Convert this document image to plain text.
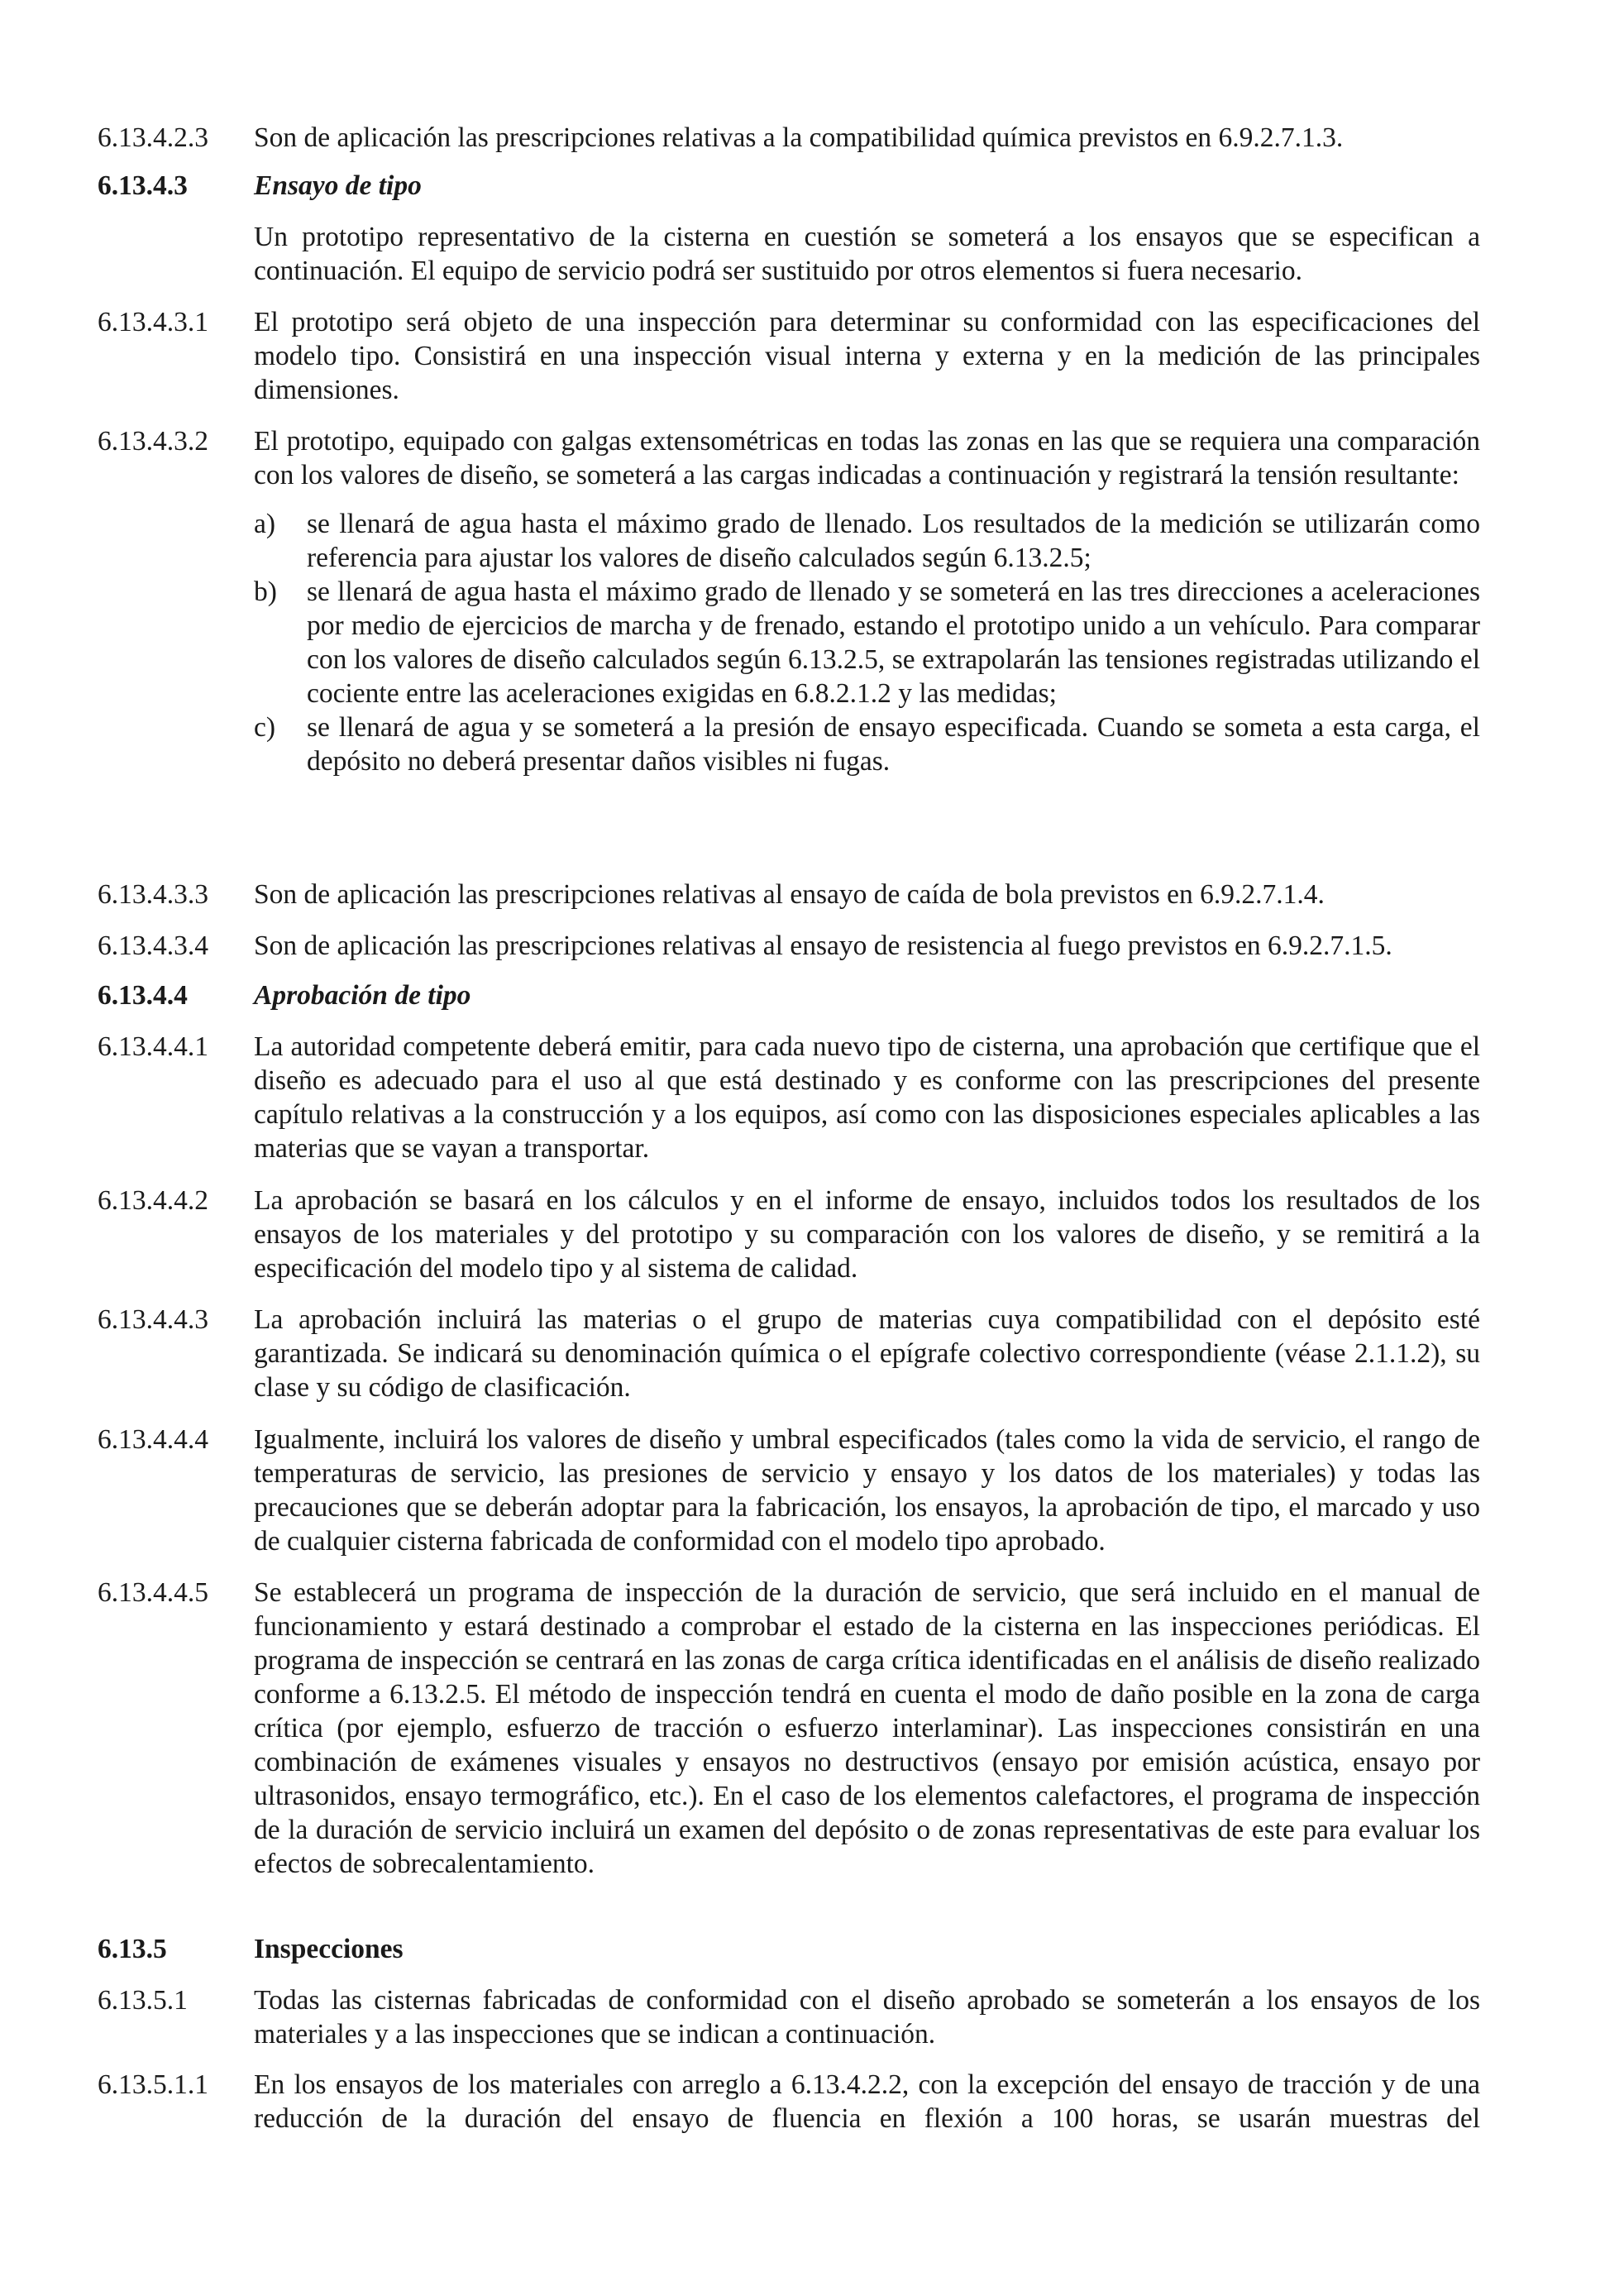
6.13.4.2.3	Son de aplicación las prescripciones relativas a la compatibilidad química previstos en 6.9.2.7.1.3.

6.13.4.3	Ensayo de tipo

Un prototipo representativo de la cisterna en cuestión se someterá a los ensayos que se especifican a continuación. El equipo de servicio podrá ser sustituido por otros elementos si fuera necesario.

6.13.4.3.1	El prototipo será objeto de una inspección para determinar su conformidad con las especificaciones del modelo tipo. Consistirá en una inspección visual interna y externa y en la medición de las principales dimensiones.

6.13.4.3.2	El prototipo, equipado con galgas extensométricas en todas las zonas en las que se requiera una comparación con los valores de diseño, se someterá a las cargas indicadas a continuación y registrará la tensión resultante:

a) se llenará de agua hasta el máximo grado de llenado. Los resultados de la medición se utilizarán como referencia para ajustar los valores de diseño calculados según 6.13.2.5;

b) se llenará de agua hasta el máximo grado de llenado y se someterá en las tres direcciones a aceleraciones por medio de ejercicios de marcha y de frenado, estando el prototipo unido a un vehículo. Para comparar con los valores de diseño calculados según 6.13.2.5, se extrapolarán las tensiones registradas utilizando el cociente entre las aceleraciones exigidas en 6.8.2.1.2 y las medidas;

c) se llenará de agua y se someterá a la presión de ensayo especificada. Cuando se someta a esta carga, el depósito no deberá presentar daños visibles ni fugas.

6.13.4.3.3	Son de aplicación las prescripciones relativas al ensayo de caída de bola previstos en 6.9.2.7.1.4.

6.13.4.3.4	Son de aplicación las prescripciones relativas al ensayo de resistencia al fuego previstos en 6.9.2.7.1.5.

6.13.4.4	Aprobación de tipo

6.13.4.4.1	La autoridad competente deberá emitir, para cada nuevo tipo de cisterna, una aprobación que certifique que el diseño es adecuado para el uso al que está destinado y es conforme con las prescripciones del presente capítulo relativas a la construcción y a los equipos, así como con las disposiciones especiales aplicables a las materias que se vayan a transportar.

6.13.4.4.2	La aprobación se basará en los cálculos y en el informe de ensayo, incluidos todos los resultados de los ensayos de los materiales y del prototipo y su comparación con los valores de diseño, y se remitirá a la especificación del modelo tipo y al sistema de calidad.

6.13.4.4.3	La aprobación incluirá las materias o el grupo de materias cuya compatibilidad con el depósito esté garantizada. Se indicará su denominación química o el epígrafe colectivo correspondiente (véase 2.1.1.2), su clase y su código de clasificación.

6.13.4.4.4	Igualmente, incluirá los valores de diseño y umbral especificados (tales como la vida de servicio, el rango de temperaturas de servicio, las presiones de servicio y ensayo y los datos de los materiales) y todas las precauciones que se deberán adoptar para la fabricación, los ensayos, la aprobación de tipo, el marcado y uso de cualquier cisterna fabricada de conformidad con el modelo tipo aprobado.

6.13.4.4.5	Se establecerá un programa de inspección de la duración de servicio, que será incluido en el manual de funcionamiento y estará destinado a comprobar el estado de la cisterna en las inspecciones periódicas. El programa de inspección se centrará en las zonas de carga crítica identificadas en el análisis de diseño realizado conforme a 6.13.2.5. El método de inspección tendrá en cuenta el modo de daño posible en la zona de carga crítica (por ejemplo, esfuerzo de tracción o esfuerzo interlaminar). Las inspecciones consistirán en una combinación de exámenes visuales y ensayos no destructivos (ensayo por emisión acústica, ensayo por ultrasonidos, ensayo termográfico, etc.). En el caso de los elementos calefactores, el programa de inspección de la duración de servicio incluirá un examen del depósito o de zonas representativas de este para evaluar los efectos de sobrecalentamiento.

6.13.5	Inspecciones

6.13.5.1	Todas las cisternas fabricadas de conformidad con el diseño aprobado se someterán a los ensayos de los materiales y a las inspecciones que se indican a continuación.

6.13.5.1.1	En los ensayos de los materiales con arreglo a 6.13.4.2.2, con la excepción del ensayo de tracción y de una reducción de la duración del ensayo de fluencia en flexión a 100 horas, se usarán muestras del
